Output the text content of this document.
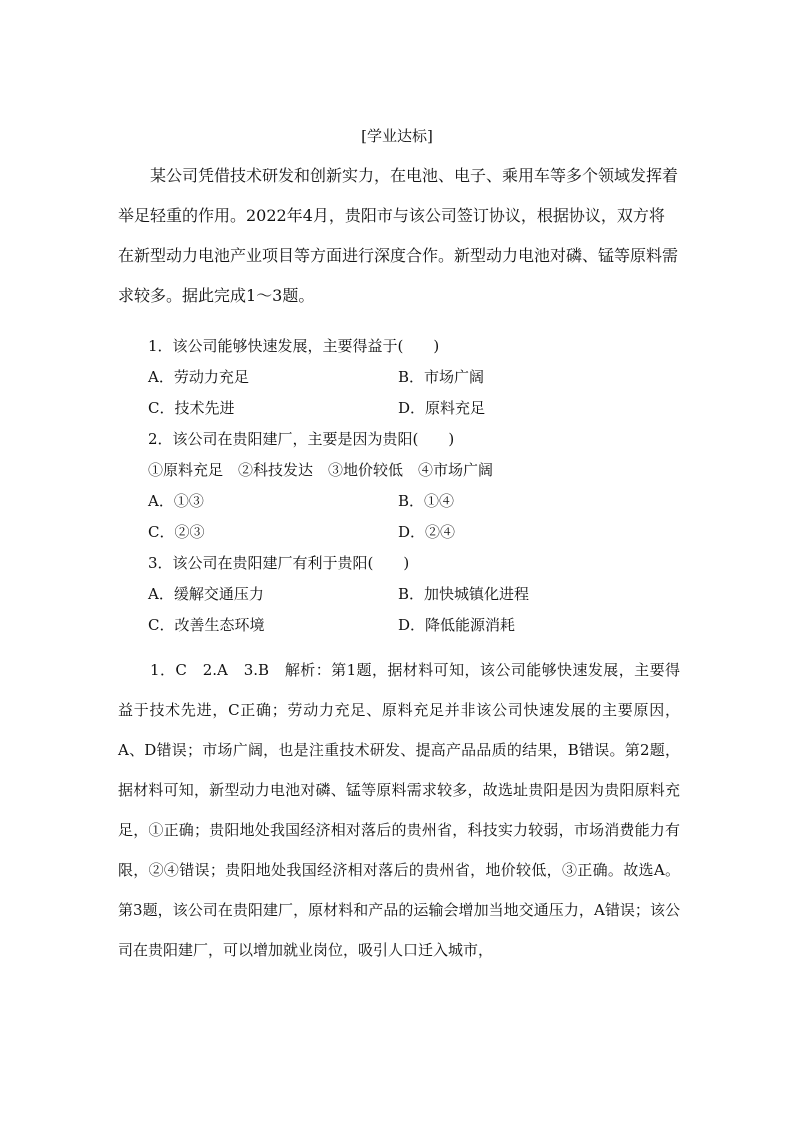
[学业达标]

某公司凭借技术研发和创新实力，在电池、电子、乘用车等多个领域发挥着举足轻重的作用。2022年4月，贵阳市与该公司签订协议，根据协议，双方将在新型动力电池产业项目等方面进行深度合作。新型动力电池对磷、锰等原料需求较多。据此完成1～3题。

1．该公司能够快速发展，主要得益于(　　)
A．劳动力充足	B．市场广阔
C．技术先进	D．原料充足
2．该公司在贵阳建厂，主要是因为贵阳(　　)
①原料充足　②科技发达　③地价较低　④市场广阔
A．①③	B．①④
C．②③	D．②④
3．该公司在贵阳建厂有利于贵阳(　　)
A．缓解交通压力	B．加快城镇化进程
C．改善生态环境	D．降低能源消耗

1．C　2.A　3.B　解析：第1题，据材料可知，该公司能够快速发展，主要得益于技术先进，C正确；劳动力充足、原料充足并非该公司快速发展的主要原因，A、D错误；市场广阔，也是注重技术研发、提高产品品质的结果，B错误。第2题，据材料可知，新型动力电池对磷、锰等原料需求较多，故选址贵阳是因为贵阳原料充足，①正确；贵阳地处我国经济相对落后的贵州省，科技实力较弱，市场消费能力有限，②④错误；贵阳地处我国经济相对落后的贵州省，地价较低，③正确。故选A。第3题，该公司在贵阳建厂，原材料和产品的运输会增加当地交通压力，A错误；该公司在贵阳建厂，可以增加就业岗位，吸引人口迁入城市，
